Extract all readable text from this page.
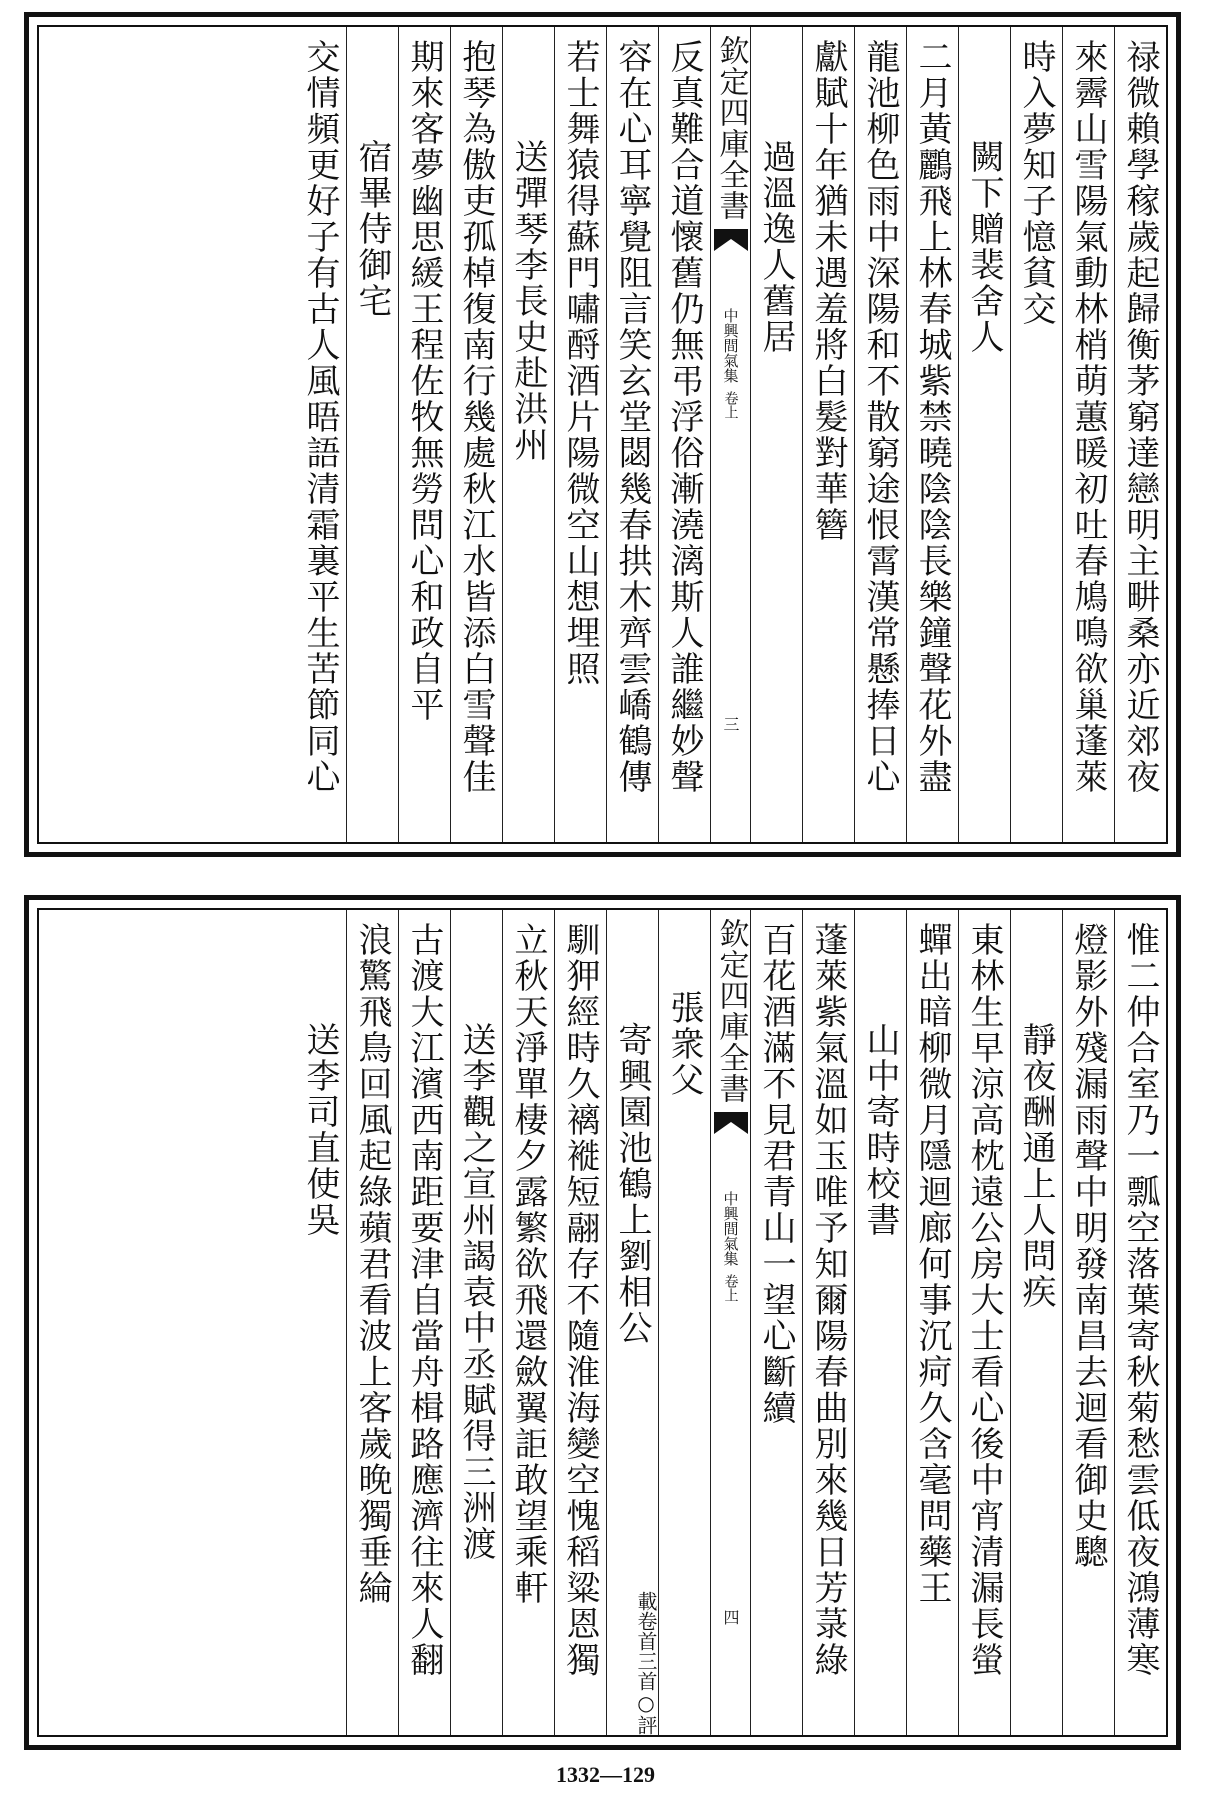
禄微賴學稼歲起歸衡茅窮達戀明主畊桑亦近郊夜
來霽山雪陽氣動林梢萌蕙暖初吐春鳩鳴欲巢蓬萊
時入夢知子憶貧交
闕下贈裴舍人
二月黃鸝飛上林春城紫禁曉陰陰長樂鐘聲花外盡
龍池柳色雨中深陽和不散窮途恨霄漢常懸捧日心
獻賦十年猶未遇羞將白髮對華簪
過溫逸人舊居
欽定四庫全書
中興間氣集
卷上
三
反真難合道懷舊仍無弔浮俗漸澆漓斯人誰繼妙聲
容在心耳寧覺阻言笑玄堂閟幾春拱木齊雲嶠鶴傳
若士舞猿得蘇門嘯酹酒片陽微空山想埋照
送彈琴李長史赴洪州
抱琴為傲吏孤棹復南行幾處秋江水皆添白雪聲佳
期來客夢幽思緩王程佐牧無勞問心和政自平
宿畢侍御宅
交情頻更好子有古人風晤語清霜裏平生苦節同心
惟二仲合室乃一瓢空落葉寄秋菊愁雲低夜鴻薄寒
燈影外殘漏雨聲中明發南昌去迴看御史驄
靜夜酬通上人問疾
東林生早涼高枕遠公房大士看心後中宵清漏長螢
蟬出暗柳微月隱迴廊何事沉疴久含毫問藥王
山中寄時校書
蓬萊紫氣溫如玉唯予知爾陽春曲別來幾日芳菉綠
百花酒滿不見君青山一望心斷續
欽定四庫全書
中興間氣集
卷上
四
張衆父
三首○評
載卷首
寄興園池鶴上劉相公
馴狎經時久褵褷短翮存不隨淮海變空愧稻粱恩獨
立秋天淨單棲夕露繁欲飛還斂翼詎敢望乘軒
送李觀之宣州謁袁中丞賦得三洲渡
古渡大江濱西南距要津自當舟楫路應濟往來人翻
浪驚飛鳥回風起綠蘋君看波上客歲晚獨垂綸
送李司直使吳
1332—129
